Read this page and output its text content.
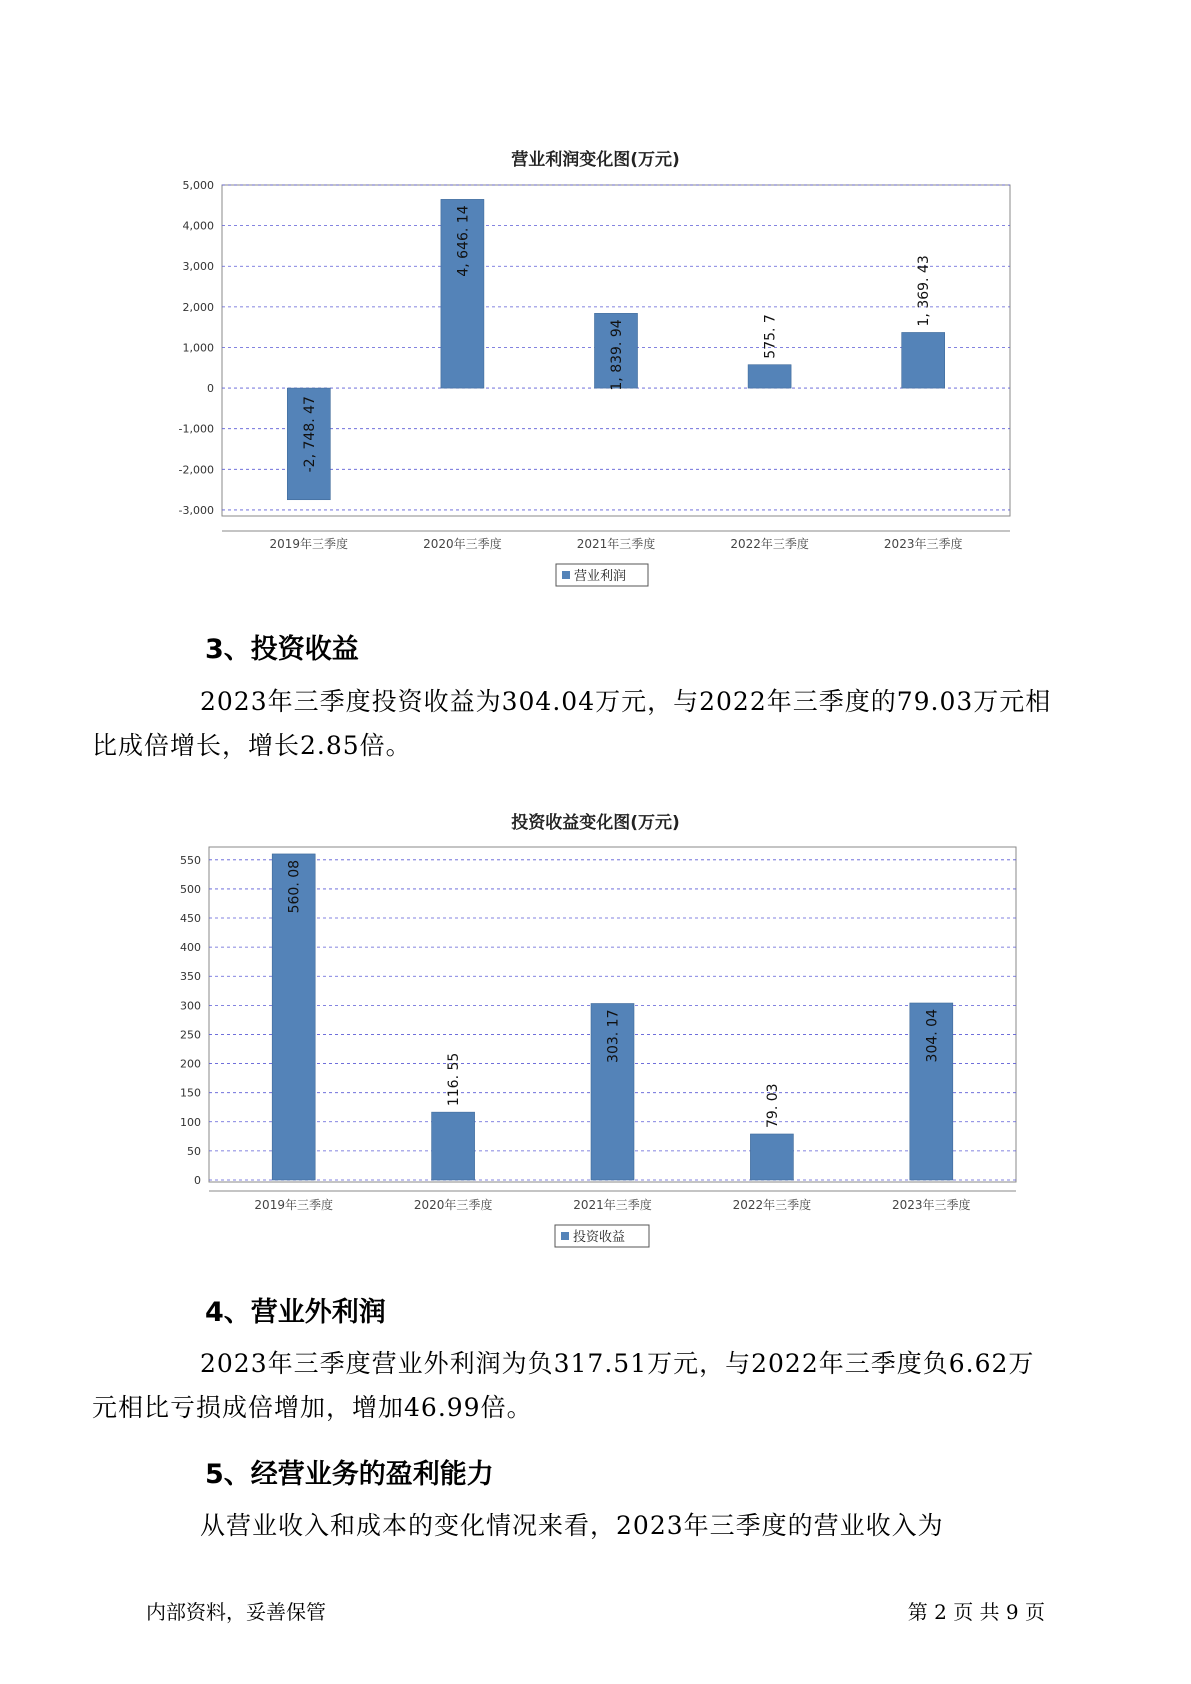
营业利润变化图(万元)
5,000
4,000
3,000
2,000
1,000
0
-1,000
-2,000
-3,000
-2, 748. 47
2019年三季度
4, 646. 14
2020年三季度
1, 839. 94
2021年三季度
575. 7
2022年三季度
1, 369. 43
2023年三季度
营业利润
3、投资收益
2023年三季度投资收益为304.04万元，与2022年三季度的79.03万元相
比成倍增长，增长2.85倍。
投资收益变化图(万元)
550
500
450
400
350
300
250
200
150
100
50
0
560. 08
2019年三季度
116. 55
2020年三季度
303. 17
2021年三季度
79. 03
2022年三季度
304. 04
2023年三季度
投资收益
4、营业外利润
2023年三季度营业外利润为负317.51万元，与2022年三季度负6.62万
元相比亏损成倍增加，增加46.99倍。
5、经营业务的盈利能力
从营业收入和成本的变化情况来看，2023年三季度的营业收入为
内部资料，妥善保管	第 2 页 共 9 页
